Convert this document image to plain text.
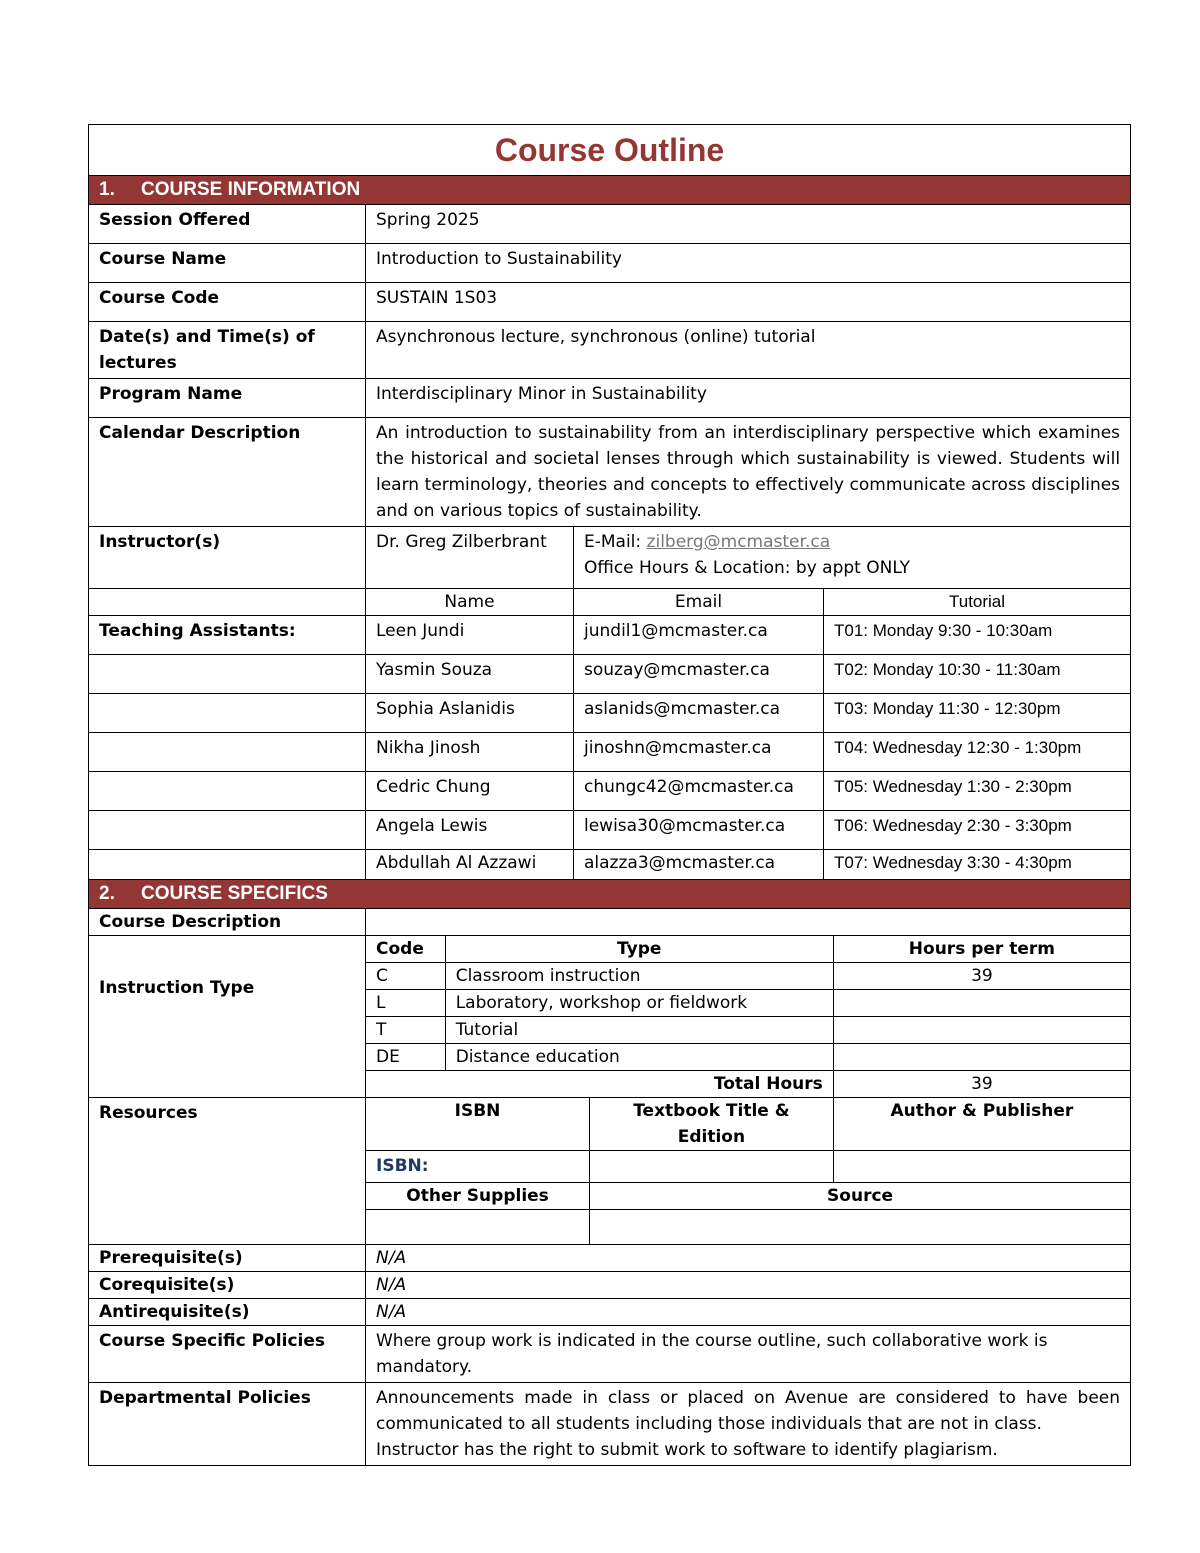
Course Outline
1. COURSE INFORMATION
Session Offered	Spring 2025
Course Name	Introduction to Sustainability
Course Code	SUSTAIN 1S03
Date(s) and Time(s) of lectures	Asynchronous lecture, synchronous (online) tutorial
Program Name	Interdisciplinary Minor in Sustainability
Calendar Description	An introduction to sustainability from an interdisciplinary perspective which examines the historical and societal lenses through which sustainability is viewed. Students will learn terminology, theories and concepts to effectively communicate across disciplines and on various topics of sustainability.
Instructor(s)	Dr. Greg Zilberbrant	E-Mail: zilberg@mcmaster.ca
Office Hours & Location: by appt ONLY
	Name	Email	Tutorial
Teaching Assistants:	Leen Jundi	jundil1@mcmaster.ca	T01: Monday 9:30 - 10:30am
	Yasmin Souza	souzay@mcmaster.ca	T02: Monday 10:30 - 11:30am
	Sophia Aslanidis	aslanids@mcmaster.ca	T03: Monday 11:30 - 12:30pm
	Nikha Jinosh	jinoshn@mcmaster.ca	T04: Wednesday 12:30 - 1:30pm
	Cedric Chung	chungc42@mcmaster.ca	T05: Wednesday 1:30 - 2:30pm
	Angela Lewis	lewisa30@mcmaster.ca	T06: Wednesday 2:30 - 3:30pm
	Abdullah Al Azzawi	alazza3@mcmaster.ca	T07: Wednesday 3:30 - 4:30pm
2. COURSE SPECIFICS
Course Description	
Instruction Type	
Code	Type	Hours per term
C	Classroom instruction	39
L	Laboratory, workshop or fieldwork	
T	Tutorial	
DE	Distance education	
Total Hours	39

Resources		ISBN	Textbook Title & Edition	Author & Publisher
ISBN:		
Other Supplies	Source

Prerequisite(s)	N/A
Corequisite(s)	N/A
Antirequisite(s)	N/A
Course Specific Policies	Where group work is indicated in the course outline, such collaborative work is mandatory.
Departmental Policies	Announcements made in class or placed on Avenue are considered to have been communicated to all students including those individuals that are not in class.
Instructor has the right to submit work to software to identify plagiarism.
